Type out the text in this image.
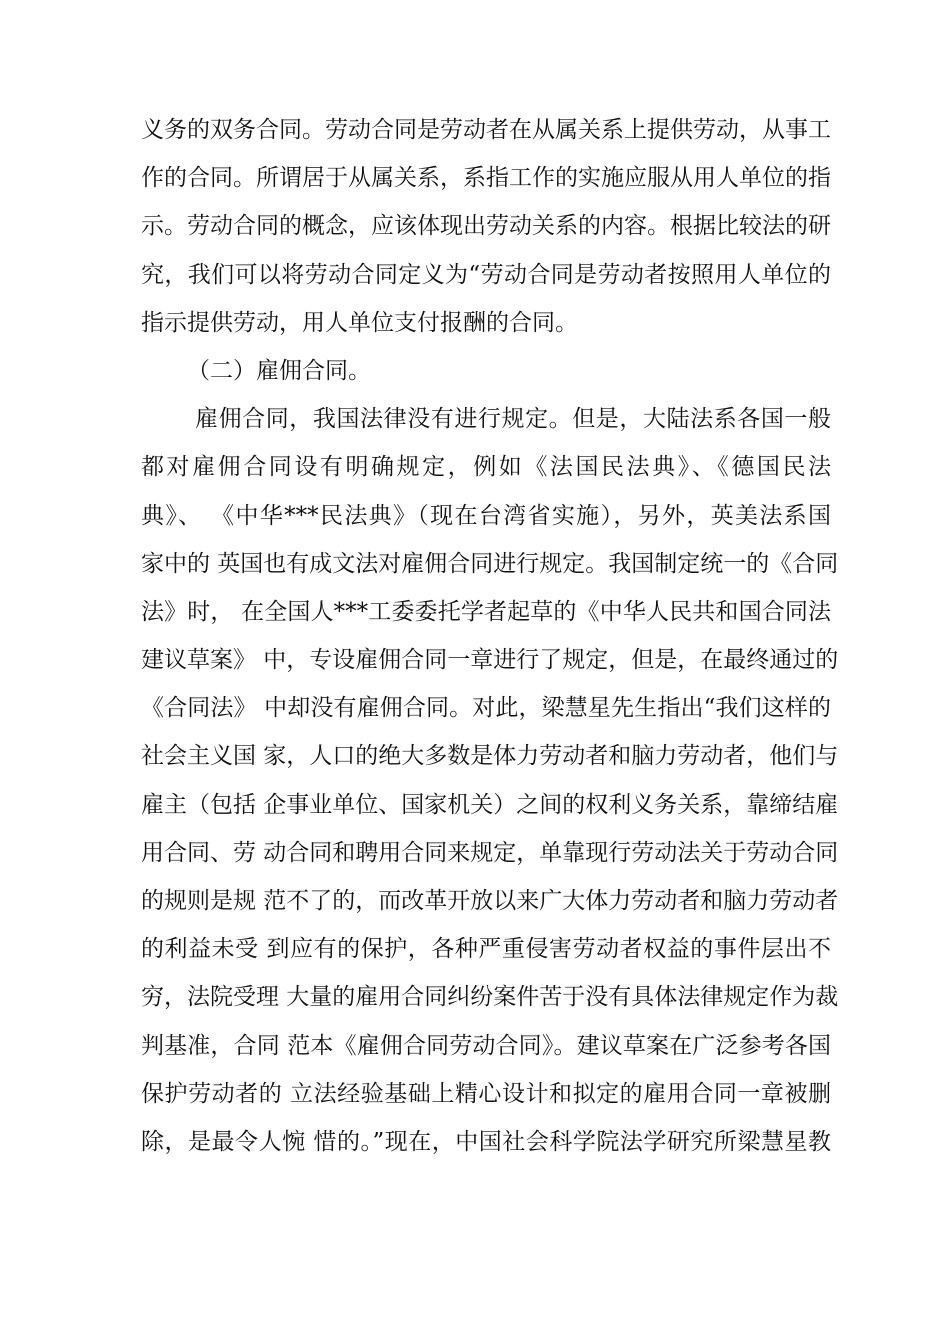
义务的双务合同。劳动合同是劳动者在从属关系上提供劳动，从事工
作的合同。所谓居于从属关系，系指工作的实施应服从用人单位的指
示。劳动合同的概念，应该体现出劳动关系的内容。根据比较法的研
究，我们可以将劳动合同定义为“劳动合同是劳动者按照用人单位的
指示提供劳动，用人单位支付报酬的合同。
（二）雇佣合同。
雇佣合同，我国法律没有进行规定。但是，大陆法系各国一般
都对雇佣合同设有明确规定，例如《法国民法典》、《德国民法
典》、 《中华***民法典》（现在台湾省实施），另外，英美法系国
家中的 英国也有成文法对雇佣合同进行规定。我国制定统一的《合同
法》时， 在全国人***工委委托学者起草的《中华人民共和国合同法
建议草案》 中，专设雇佣合同一章进行了规定，但是，在最终通过的
《合同法》 中却没有雇佣合同。对此，梁慧星先生指出“我们这样的
社会主义国 家，人口的绝大多数是体力劳动者和脑力劳动者，他们与
雇主（包括 企事业单位、国家机关）之间的权利义务关系，靠缔结雇
用合同、劳 动合同和聘用合同来规定，单靠现行劳动法关于劳动合同
的规则是规 范不了的，而改革开放以来广大体力劳动者和脑力劳动者
的利益未受 到应有的保护，各种严重侵害劳动者权益的事件层出不
穷，法院受理 大量的雇用合同纠纷案件苦于没有具体法律规定作为裁
判基准，合同 范本《雇佣合同劳动合同》。建议草案在广泛参考各国
保护劳动者的 立法经验基础上精心设计和拟定的雇用合同一章被删
除，是最令人惋 惜的。”现在，中国社会科学院法学研究所梁慧星教
